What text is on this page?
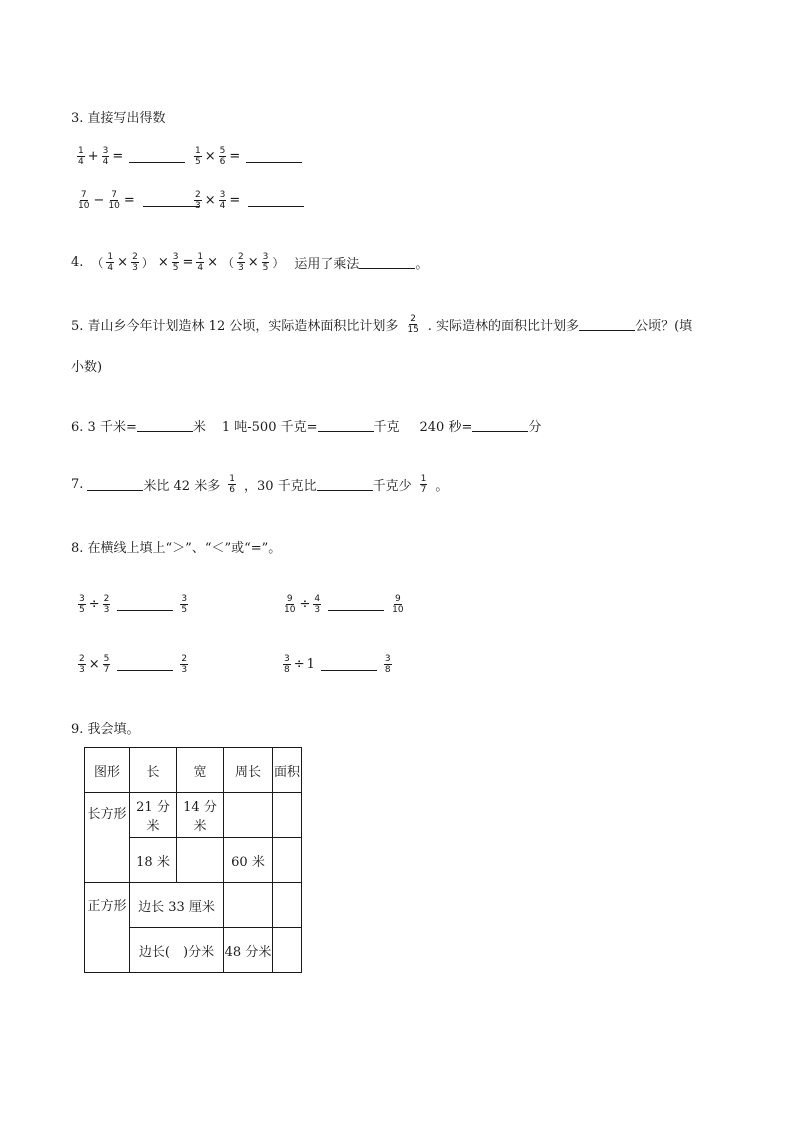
3. 直接写出得数
$\frac{1}{4} + \frac{3}{4}$ =	$\frac{1}{5} \times \frac{5}{6}$ =
$\frac{7}{10} - \frac{7}{10}$ =	$\frac{2}{3} \times \frac{3}{4}$ =
4. （ $\frac{1}{4} \times \frac{2}{3}$ ） × $\frac{3}{5} = \frac{1}{4}$ × （ $\frac{2}{3} \times \frac{3}{5}$ ） 运用了乘法	。
5. 青山乡今年计划造林 12 公顷，实际造林面积比计划多 $\frac{2}{15}$ . 实际造林的面积比计划多	公顷？(填
小数)
6. 3 千米=	米 1 吨-500 千克=	千克 240 秒=	分
7.	米比 42 米多 $\frac{1}{6}$ ，30 千克比	千克少 $\frac{1}{7}$ 。
8. 在横线上填上“＞”、“＜”或“=”。
$\frac{3}{5} \div \frac{2}{3}$	$\frac{3}{5}$	$\frac{9}{10} \div \frac{4}{3}$	$\frac{9}{10}$
$\frac{2}{3} \times \frac{5}{7}$	$\frac{2}{3}$	$\frac{3}{8} \div 1$	$\frac{3}{8}$
9. 我会填。
图形	长	宽	周长	面积
长方形	21 分米	14 分米		
	18 米		60 米	
正方形	边长 33 厘米			
	边长(　)分米		48 分米	
